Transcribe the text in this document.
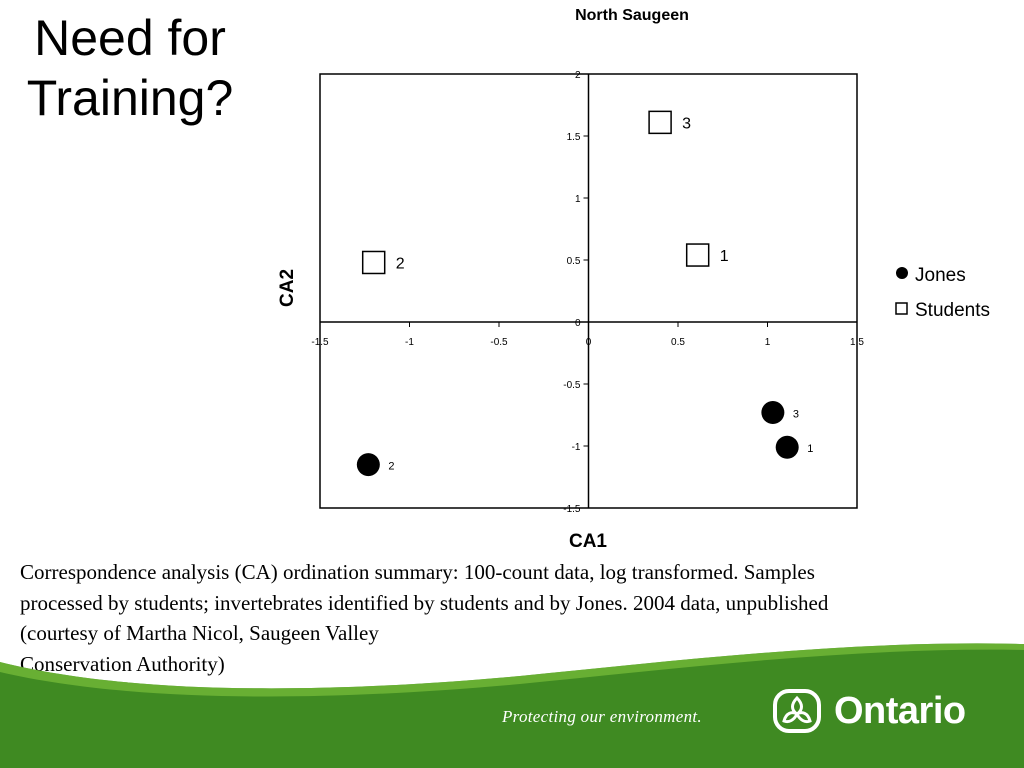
Need for
Training?
North Saugeen
-1.5	-1	-0.5	0	0.5	1	1.5
-1.5
-1
-0.5
0
0.5
1
1.5
2
1
2
3
1
2
3
CA1
CA2	Jones
Students
Correspondence analysis (CA) ordination summary: 100-count data, log transformed. Samples
processed by students; invertebrates identified by students and by Jones. 2004 data, unpublished
(courtesy of Martha Nicol, Saugeen Valley
Conservation Authority)
Protecting our environment.	Ontario
